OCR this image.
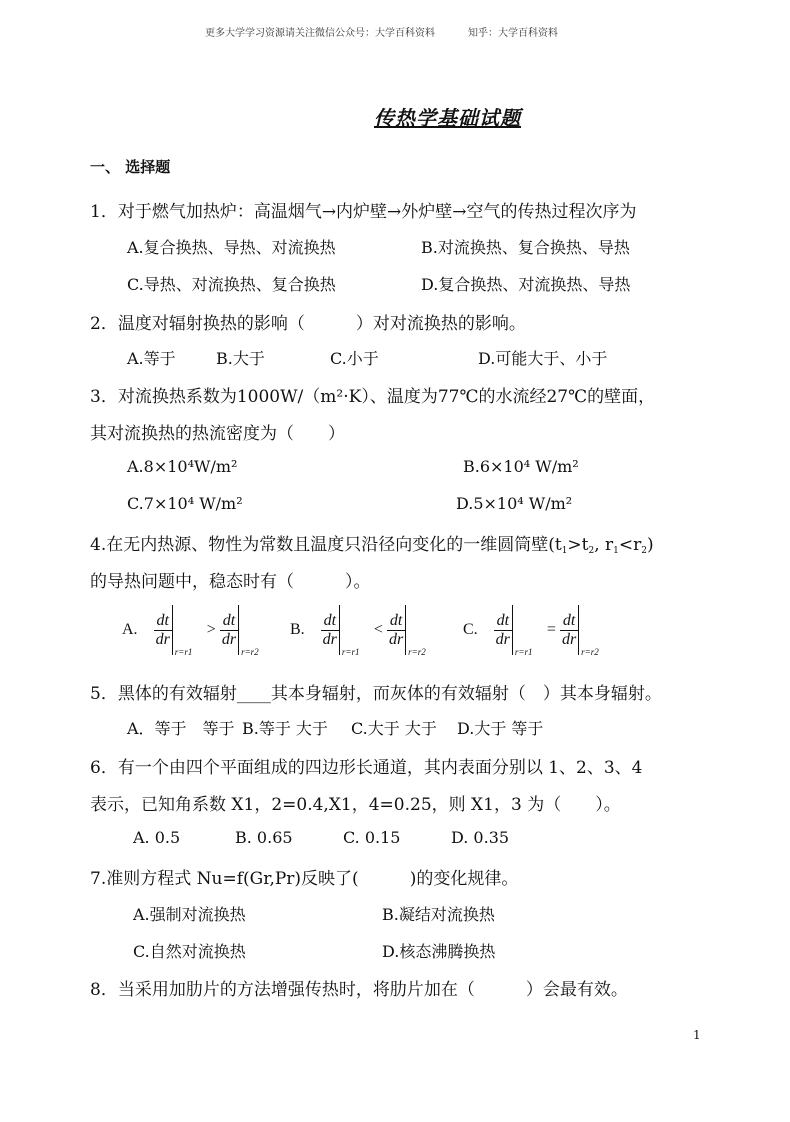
更多大学学习资源请关注微信公众号：大学百科资料	知乎：大学百科资料
传热学基础试题
一、 选择题
1．对于燃气加热炉：高温烟气→内炉壁→外炉壁→空气的传热过程次序为
A.复合换热、导热、对流换热	B.对流换热、复合换热、导热
C.导热、对流换热、复合换热	D.复合换热、对流换热、导热
2．温度对辐射换热的影响（　　　）对对流换热的影响。
A.等于	B.大于	C.小于	D.可能大于、小于
3．对流换热系数为1000W/（m²·K）、温度为77℃的水流经27℃的壁面，
其对流换热的热流密度为（　　）
A.8×10⁴W/m²	B.6×10⁴ W/m²
C.7×10⁴ W/m²	D.5×10⁴ W/m²
4.在无内热源、物性为常数且温度只沿径向变化的一维圆筒壁($t_1>t_2$, $r_1<r_2$)
的导热问题中，稳态时有（　　　）。
A. $\frac{dt}{dr}$
r=r1
> $\frac{dt}{dr}$
r=r2
B. $\frac{dt}{dr}$
r=r1
< $\frac{dt}{dr}$
r=r2
C. $\frac{dt}{dr}$
r=r1
= $\frac{dt}{dr}$
r=r2
5．黑体的有效辐射____其本身辐射，而灰体的有效辐射（　）其本身辐射。
A．等于　等于 B.等于 大于 C.大于 大于 D.大于 等于
6．有一个由四个平面组成的四边形长通道，其内表面分别以 1、2、3、4
表示，已知角系数 X1，2=0.4,X1，4=0.25，则 X1，3 为（　　）。
A. 0.5	B. 0.65	C. 0.15	D. 0.35
7.准则方程式 Nu=f(Gr,Pr)反映了(　　　)的变化规律。
A.强制对流换热	B.凝结对流换热
C.自然对流换热	D.核态沸腾换热
8．当采用加肋片的方法增强传热时，将肋片加在（　　　）会最有效。
1
